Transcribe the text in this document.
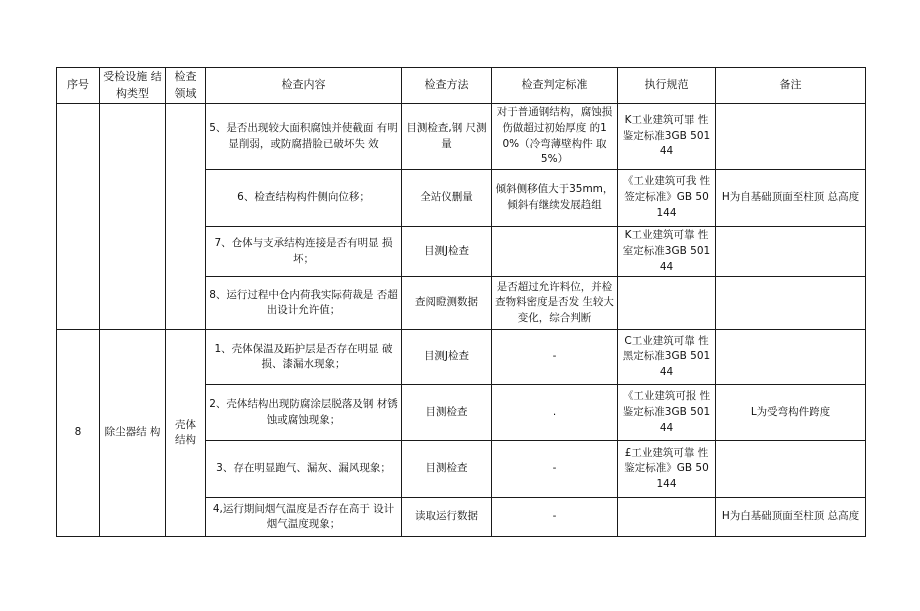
序号	受检设施 结构类型	检查 领域	检查内容	检查方法	检查判定标准	执行规范	备注
			5、是否出现较大面积腐蚀并使截面 有明显削弱，或防腐措脸已破坏失 效	目测检查,钢 尺测量	对于普通钢结构，腐蚀损伤做超过初始厚度 的10%（冷弯薄壁构件 取5%）	K工业建筑可罪 性鉴定标准3GB 50144	
			6、检查结构构件侧向位移；	全站仪删量	倾斜侧移值大于35mm，倾斜有继续发展趋组	《工业建筑可我 性签定标准》GB 50144	H为自基础顶面至柱顶 总高度
			7、仓体与支承结构连接是否有明显 损坏；	目测J检查		K工业建筑可靠 性室定标准3GB 50144	
			8、运行过程中仓内荷我实际荷裁是 否超出设计允许值；	查阅瞪测数据	是否超过允许料位，并检查物料密度是否发 生较大变化，综合判断		
8	除尘器结 构	壳体 结构	1、壳体保温及跖护层是否存在明显 破损、漆漏水现象；	目测J检查	-	C工业建筑可靠 性黑定标准3GB 50144	
			2、壳体结构出现防腐涂层脱落及钢 材锈蚀或腐蚀现象；	目测检查	.	《工业建筑可报 性鉴定标准3GB 50144	L为受弯构件跨度
			3、存在明显跑气、漏灰、漏风现象；	目测检查	-	£工业建筑可靠 性鉴定标准》GB 50144	
			4,运行期间烟气温度是否存在高于 设计烟气温度现象；	读取运行数据	-		H为白基础顶面至柱顶 总高度
